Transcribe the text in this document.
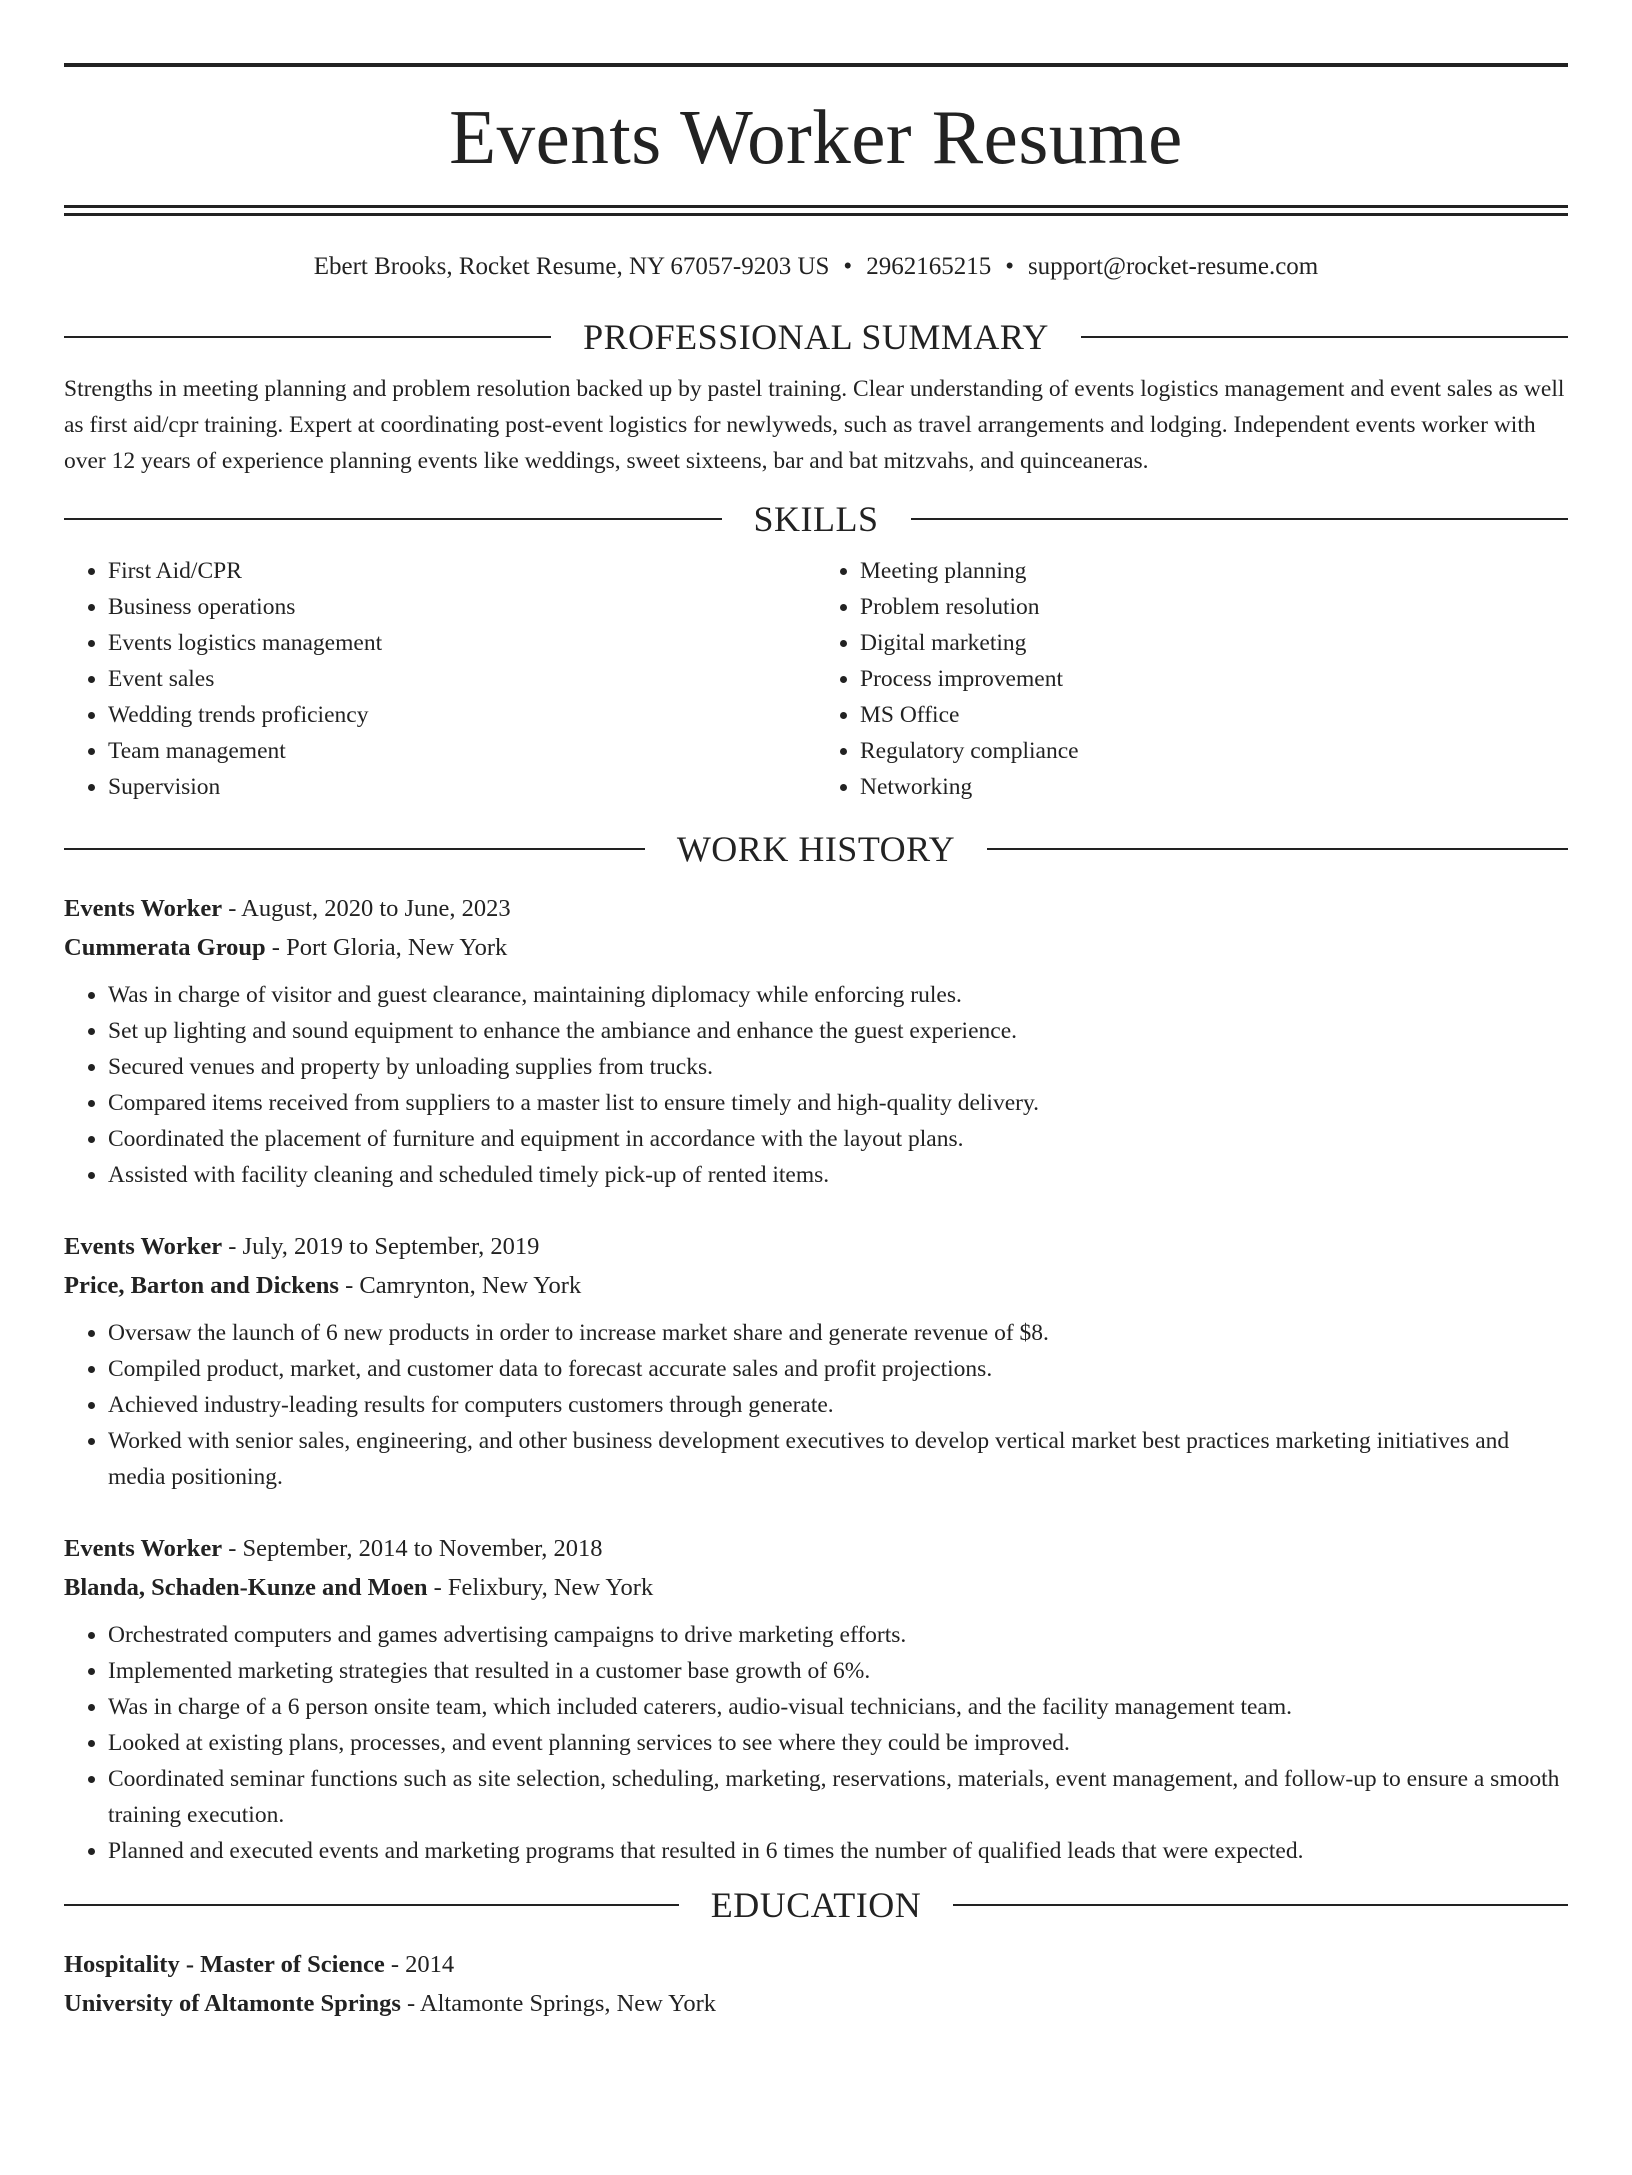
Events Worker Resume
Ebert Brooks, Rocket Resume, NY 67057-9203 US • 2962165215 • support@rocket-resume.com
PROFESSIONAL SUMMARY

Strengths in meeting planning and problem resolution backed up by pastel training. Clear understanding of events logistics management and event sales as well as first aid/cpr training. Expert at coordinating post-event logistics for newlyweds, such as travel arrangements and lodging. Independent events worker with over 12 years of experience planning events like weddings, sweet sixteens, bar and bat mitzvahs, and quinceaneras.

SKILLS
• First Aid/CPR
• Business operations
• Events logistics management
• Event sales
• Wedding trends proficiency
• Team management
• Supervision
• Meeting planning
• Problem resolution
• Digital marketing
• Process improvement
• MS Office
• Regulatory compliance
• Networking
WORK HISTORY
Events Worker - August, 2020 to June, 2023
Cummerata Group - Port Gloria, New York
• Was in charge of visitor and guest clearance, maintaining diplomacy while enforcing rules.
• Set up lighting and sound equipment to enhance the ambiance and enhance the guest experience.
• Secured venues and property by unloading supplies from trucks.
• Compared items received from suppliers to a master list to ensure timely and high-quality delivery.
• Coordinated the placement of furniture and equipment in accordance with the layout plans.
• Assisted with facility cleaning and scheduled timely pick-up of rented items.
Events Worker - July, 2019 to September, 2019
Price, Barton and Dickens - Camrynton, New York
• Oversaw the launch of 6 new products in order to increase market share and generate revenue of $8.
• Compiled product, market, and customer data to forecast accurate sales and profit projections.
• Achieved industry-leading results for computers customers through generate.
• Worked with senior sales, engineering, and other business development executives to develop vertical market best practices marketing initiatives and media positioning.
Events Worker - September, 2014 to November, 2018
Blanda, Schaden-Kunze and Moen - Felixbury, New York
• Orchestrated computers and games advertising campaigns to drive marketing efforts.
• Implemented marketing strategies that resulted in a customer base growth of 6%.
• Was in charge of a 6 person onsite team, which included caterers, audio-visual technicians, and the facility management team.
• Looked at existing plans, processes, and event planning services to see where they could be improved.
• Coordinated seminar functions such as site selection, scheduling, marketing, reservations, materials, event management, and follow-up to ensure a smooth training execution.
• Planned and executed events and marketing programs that resulted in 6 times the number of qualified leads that were expected.
EDUCATION
Hospitality - Master of Science - 2014
University of Altamonte Springs - Altamonte Springs, New York
